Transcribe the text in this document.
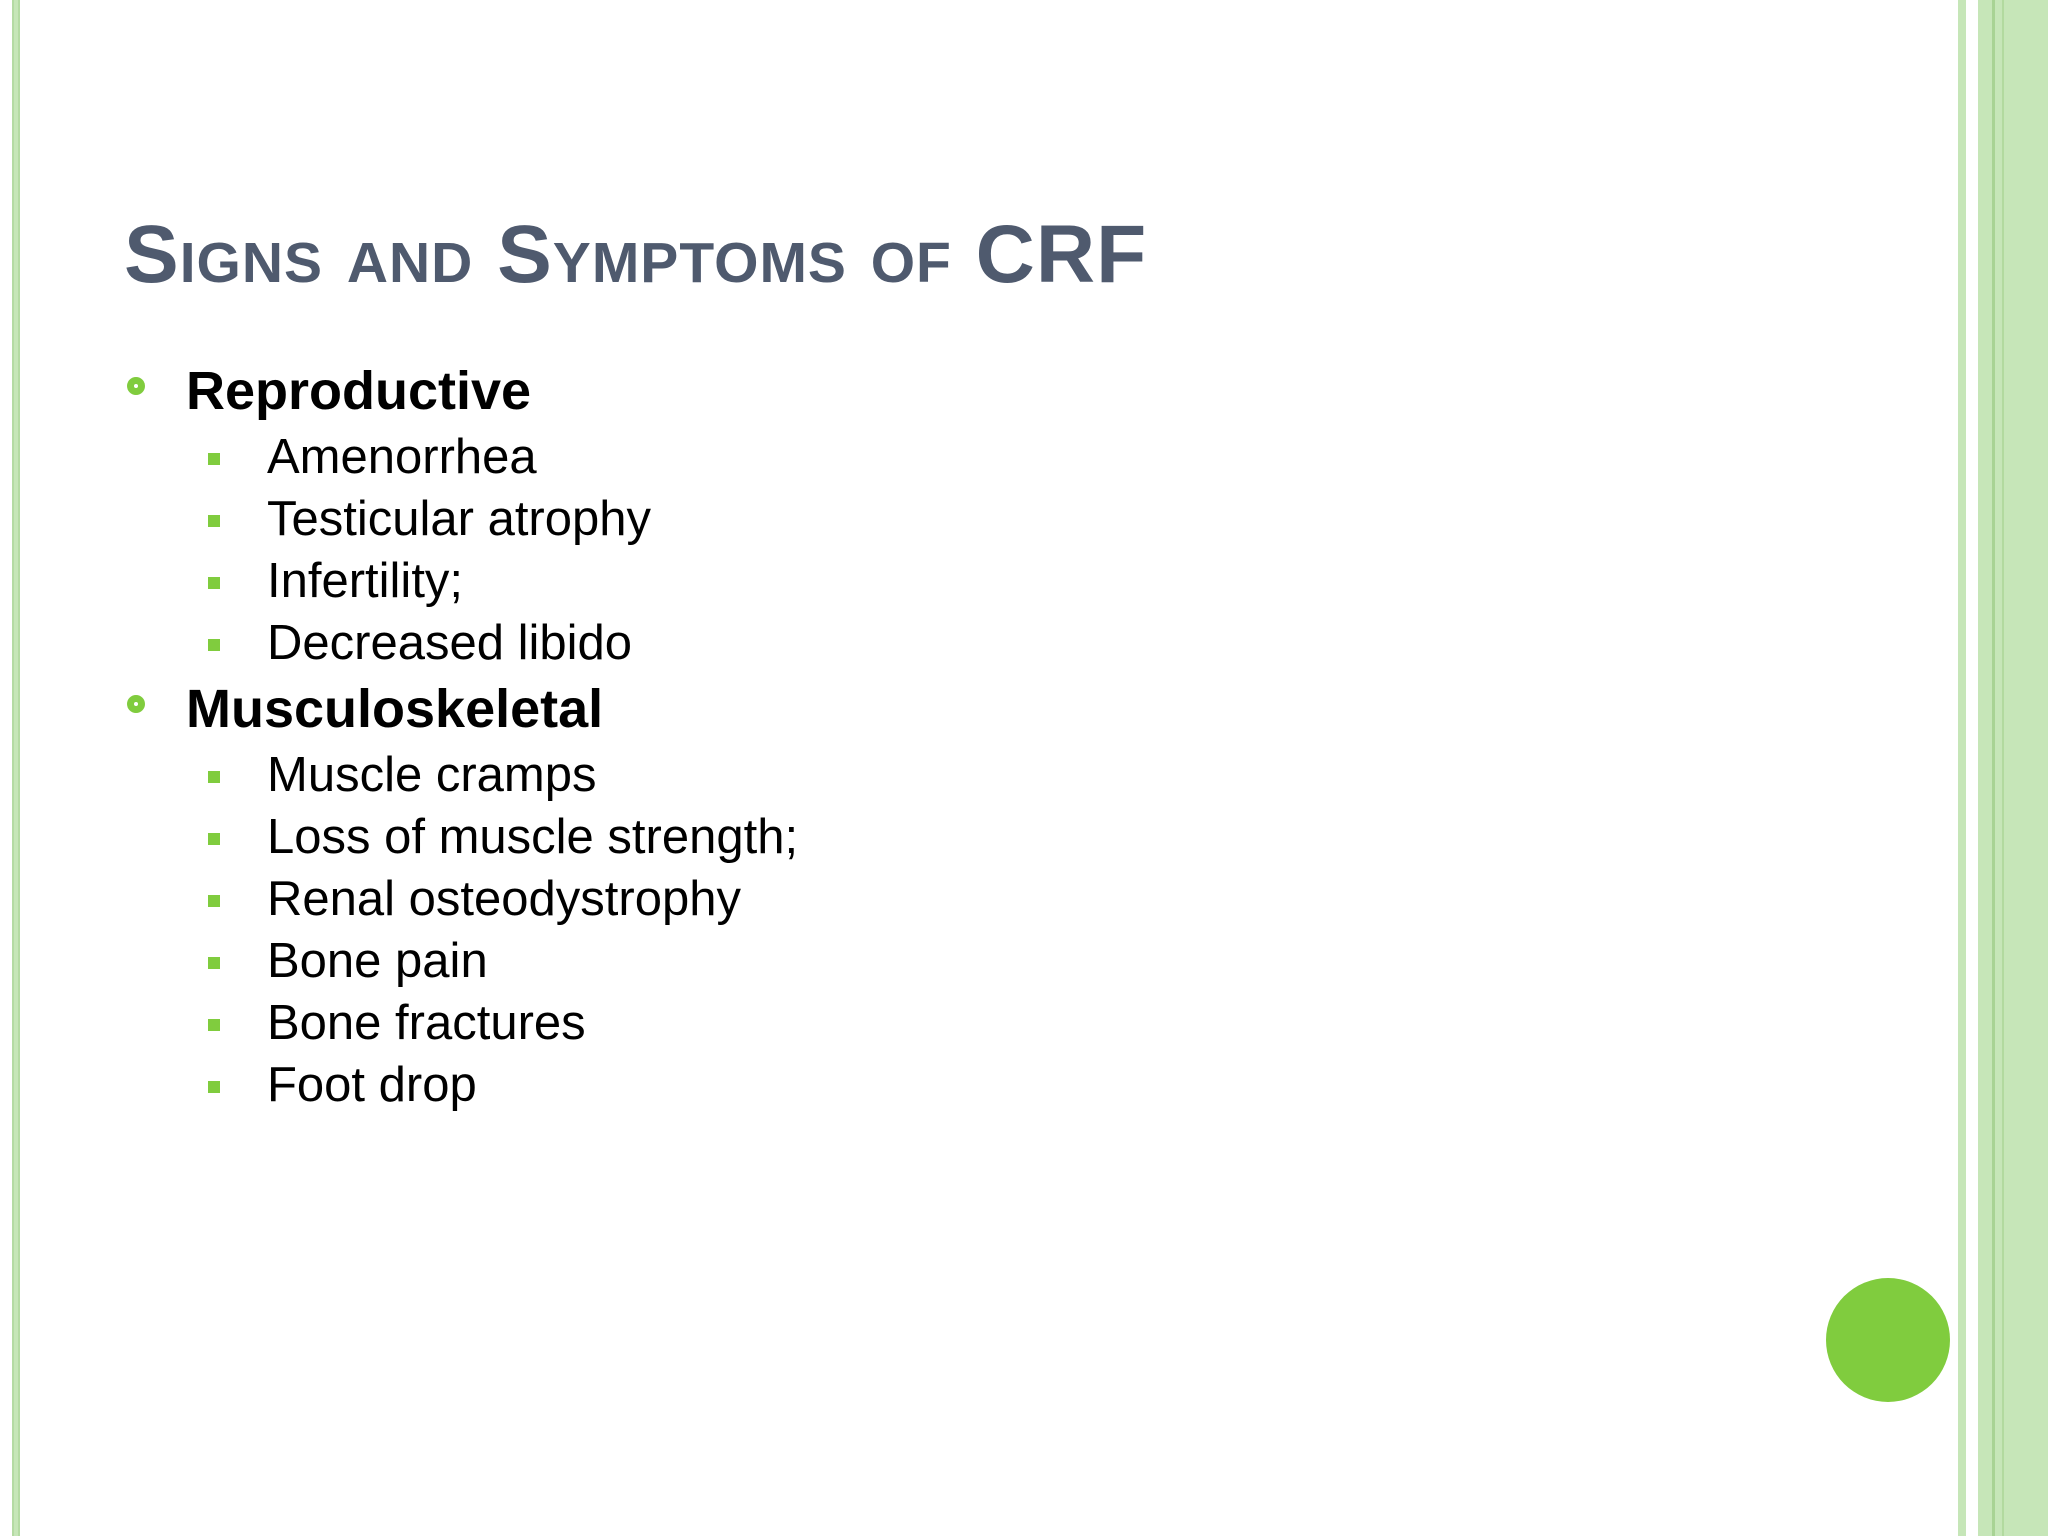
Signs and Symptoms of CRF
Reproductive
Amenorrhea
Testicular atrophy
Infertility;
Decreased libido
Musculoskeletal
Muscle cramps
Loss of muscle strength;
Renal osteodystrophy
Bone pain
Bone fractures
Foot drop
